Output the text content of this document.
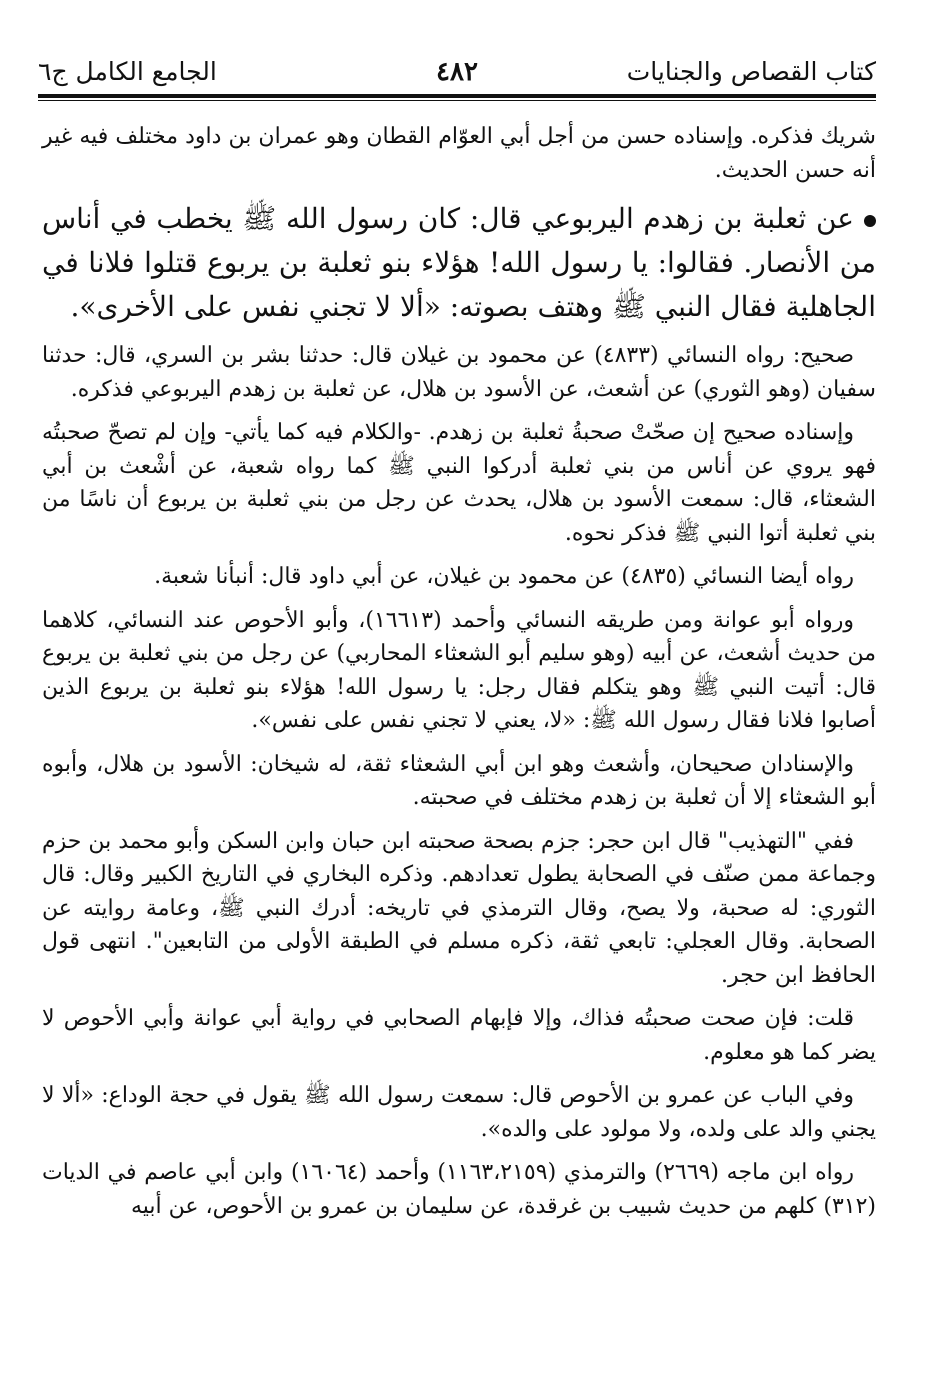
كتاب القصاص والجنايات
٤٨٢
الجامع الكامل ج٦

شريك فذكره. وإسناده حسن من أجل أبي العوّام القطان وهو عمران بن داود مختلف فيه غير أنه حسن الحديث.

عن ثعلبة بن زهدم اليربوعي قال: كان رسول الله ﷺ يخطب في أناس من الأنصار. فقالوا: يا رسول الله! هؤلاء بنو ثعلبة بن يربوع قتلوا فلانا في الجاهلية فقال النبي ﷺ وهتف بصوته: «ألا لا تجني نفس على الأخرى».

صحيح: رواه النسائي (٤٨٣٣) عن محمود بن غيلان قال: حدثنا بشر بن السري، قال: حدثنا سفيان (وهو الثوري) عن أشعث، عن الأسود بن هلال، عن ثعلبة بن زهدم اليربوعي فذكره.

وإسناده صحيح إن صحّتْ صحبةُ ثعلبة بن زهدم. -والكلام فيه كما يأتي- وإن لم تصحّ صحبتُه فهو يروي عن أناس من بني ثعلبة أدركوا النبي ﷺ كما رواه شعبة، عن أشْعث بن أبي الشعثاء، قال: سمعت الأسود بن هلال، يحدث عن رجل من بني ثعلبة بن يربوع أن ناسًا من بني ثعلبة أتوا النبي ﷺ فذكر نحوه.

رواه أيضا النسائي (٤٨٣٥) عن محمود بن غيلان، عن أبي داود قال: أنبأنا شعبة.

ورواه أبو عوانة ومن طريقه النسائي وأحمد (١٦٦١٣)، وأبو الأحوص عند النسائي، كلاهما من حديث أشعث، عن أبيه (وهو سليم أبو الشعثاء المحاربي) عن رجل من بني ثعلبة بن يربوع قال: أتيت النبي ﷺ وهو يتكلم فقال رجل: يا رسول الله! هؤلاء بنو ثعلبة بن يربوع الذين أصابوا فلانا فقال رسول الله ﷺ: «لا، يعني لا تجني نفس على نفس».

والإسنادان صحيحان، وأشعث وهو ابن أبي الشعثاء ثقة، له شيخان: الأسود بن هلال، وأبوه أبو الشعثاء إلا أن ثعلبة بن زهدم مختلف في صحبته.

ففي "التهذيب" قال ابن حجر: جزم بصحة صحبته ابن حبان وابن السكن وأبو محمد بن حزم وجماعة ممن صنّف في الصحابة يطول تعدادهم. وذكره البخاري في التاريخ الكبير وقال: قال الثوري: له صحبة، ولا يصح، وقال الترمذي في تاريخه: أدرك النبي ﷺ، وعامة روايته عن الصحابة. وقال العجلي: تابعي ثقة، ذكره مسلم في الطبقة الأولى من التابعين". انتهى قول الحافظ ابن حجر.

قلت: فإن صحت صحبتُه فذاك، وإلا فإبهام الصحابي في رواية أبي عوانة وأبي الأحوص لا يضر كما هو معلوم.

وفي الباب عن عمرو بن الأحوص قال: سمعت رسول الله ﷺ يقول في حجة الوداع: «ألا لا يجني والد على ولده، ولا مولود على والده».

رواه ابن ماجه (٢٦٦٩) والترمذي (١١٦٣،٢١٥٩) وأحمد (١٦٠٦٤) وابن أبي عاصم في الديات (٣١٢) كلهم من حديث شبيب بن غرقدة، عن سليمان بن عمرو بن الأحوص، عن أبيه
